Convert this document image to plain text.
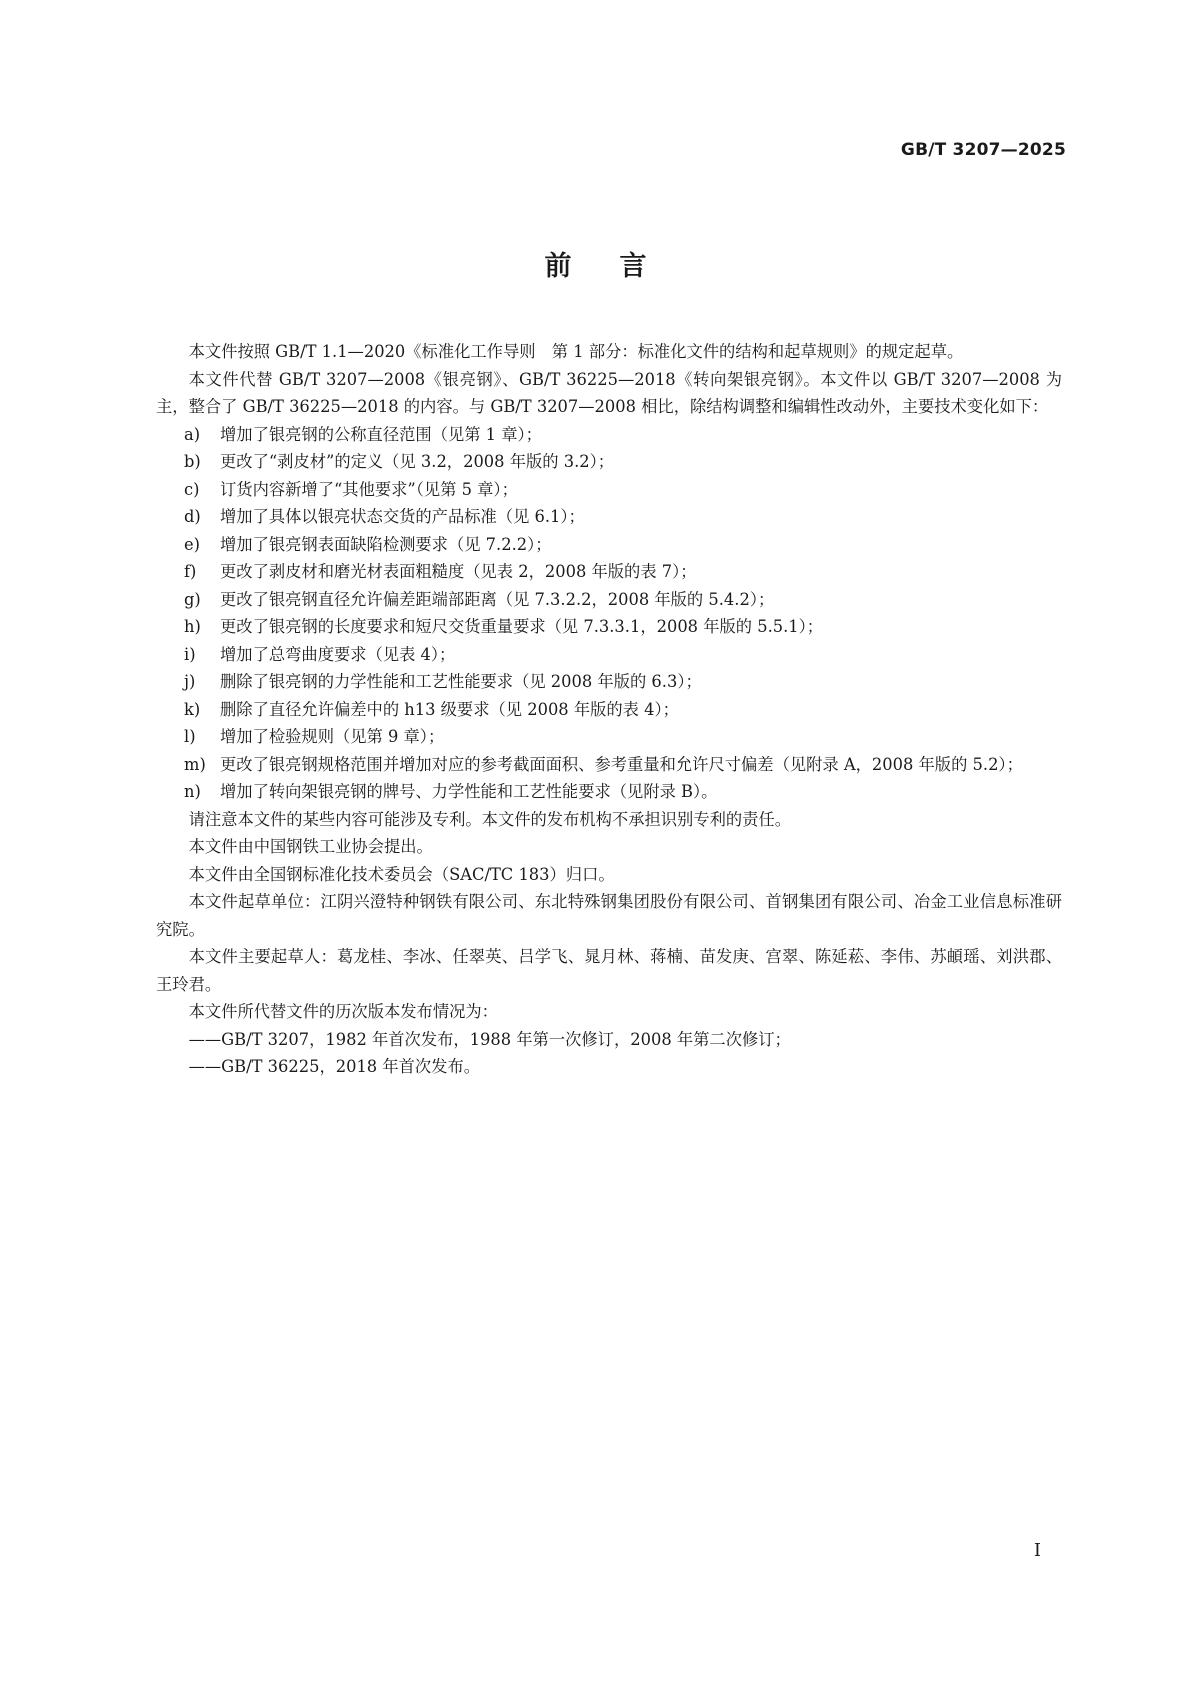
GB/T 3207—2025
前言

本文件按照 GB/T 1.1—2020《标准化工作导则　第 1 部分：标准化文件的结构和起草规则》的规定起草。

本文件代替 GB/T 3207—2008《银亮钢》、GB/T 36225—2018《转向架银亮钢》。本文件以 GB/T 3207—2008 为主，整合了 GB/T 36225—2018 的内容。与 GB/T 3207—2008 相比，除结构调整和编辑性改动外，主要技术变化如下：

a)	增加了银亮钢的公称直径范围（见第 1 章）；
b)	更改了“剥皮材”的定义（见 3.2，2008 年版的 3.2）；
c)	订货内容新增了“其他要求”（见第 5 章）；
d)	增加了具体以银亮状态交货的产品标准（见 6.1）；
e)	增加了银亮钢表面缺陷检测要求（见 7.2.2）；
f)	更改了剥皮材和磨光材表面粗糙度（见表 2，2008 年版的表 7）；
g)	更改了银亮钢直径允许偏差距端部距离（见 7.3.2.2，2008 年版的 5.4.2）；
h)	更改了银亮钢的长度要求和短尺交货重量要求（见 7.3.3.1，2008 年版的 5.5.1）；
i)	增加了总弯曲度要求（见表 4）；
j)	删除了银亮钢的力学性能和工艺性能要求（见 2008 年版的 6.3）；
k)	删除了直径允许偏差中的 h13 级要求（见 2008 年版的表 4）；
l)	增加了检验规则（见第 9 章）；
m) 更改了银亮钢规格范围并增加对应的参考截面面积、参考重量和允许尺寸偏差（见附录 A，2008 年版的 5.2）；
n)	增加了转向架银亮钢的牌号、力学性能和工艺性能要求（见附录 B）。

请注意本文件的某些内容可能涉及专利。本文件的发布机构不承担识别专利的责任。

本文件由中国钢铁工业协会提出。

本文件由全国钢标准化技术委员会（SAC/TC 183）归口。

本文件起草单位：江阴兴澄特种钢铁有限公司、东北特殊钢集团股份有限公司、首钢集团有限公司、冶金工业信息标准研究院。

本文件主要起草人：葛龙桂、李冰、任翠英、吕学飞、晁月林、蒋楠、苗发庚、宫翠、陈延菘、李伟、苏頔瑶、刘洪郡、王玲君。

本文件所代替文件的历次版本发布情况为：

——GB/T 3207，1982 年首次发布，1988 年第一次修订，2008 年第二次修订；

——GB/T 36225，2018 年首次发布。

I
